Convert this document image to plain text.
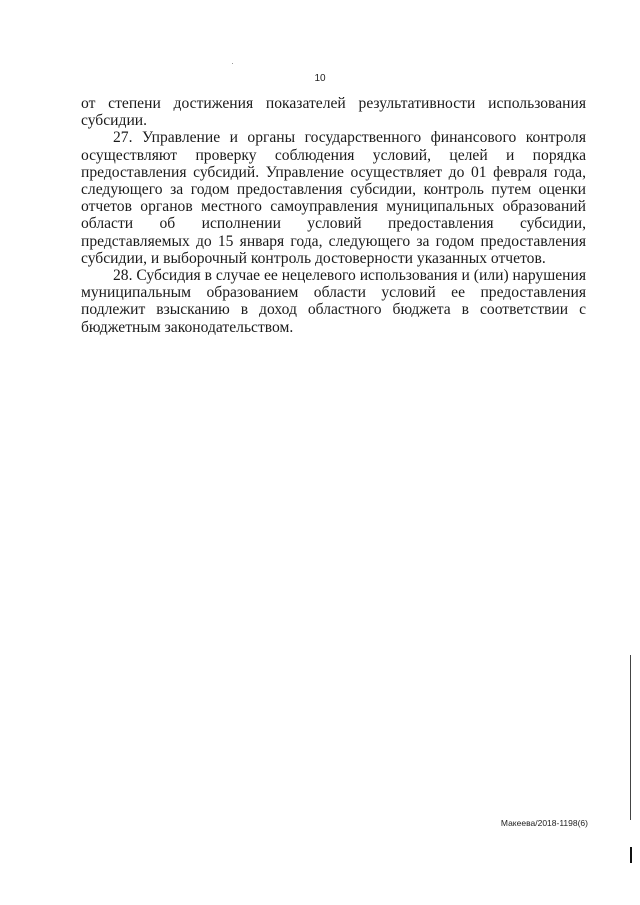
10

от степени достижения показателей результативности использования субсидии.

27. Управление и органы государственного финансового контроля осуществляют проверку соблюдения условий, целей и порядка предоставления субсидий. Управление осуществляет до 01 февраля года, следующего за годом предоставления субсидии, контроль путем оценки отчетов органов местного самоуправления муниципальных образований области об исполнении условий предоставления субсидии, представляемых до 15 января года, следующего за годом предоставления субсидии, и выборочный контроль достоверности указанных отчетов.

28. Субсидия в случае ее нецелевого использования и (или) нарушения муниципальным образованием области условий ее предоставления подлежит взысканию в доход областного бюджета в соответствии с бюджетным законодательством.

Макеева/2018-1198(6)
